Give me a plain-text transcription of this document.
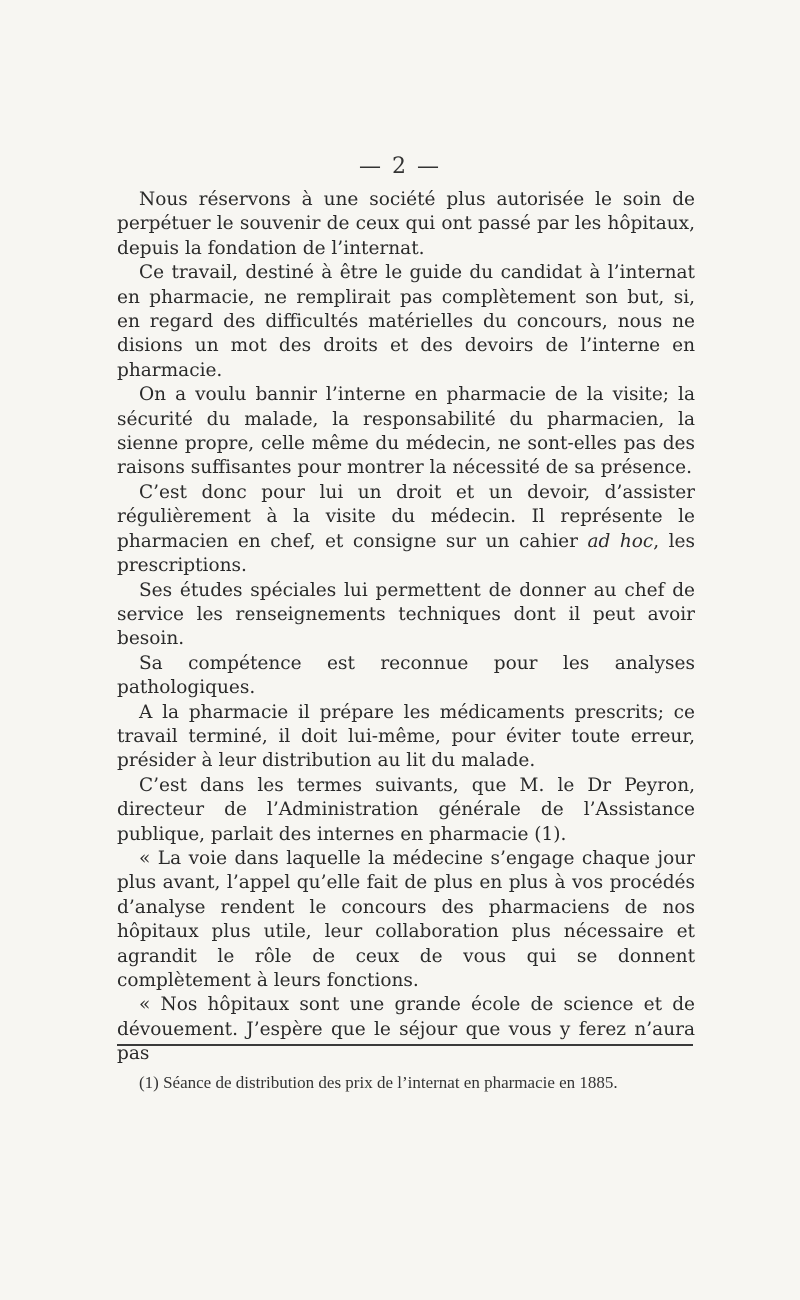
— 2 —

Nous réservons à une société plus autorisée le soin de perpétuer le souvenir de ceux qui ont passé par les hôpitaux, depuis la fondation de l’internat.

Ce travail, destiné à être le guide du candidat à l’internat en pharmacie, ne remplirait pas complètement son but, si, en regard des difficultés matérielles du concours, nous ne disions un mot des droits et des devoirs de l’interne en pharmacie.

On a voulu bannir l’interne en pharmacie de la visite; la sécurité du malade, la responsabilité du pharmacien, la sienne propre, celle même du médecin, ne sont-elles pas des raisons suffisantes pour montrer la nécessité de sa présence.

C’est donc pour lui un droit et un devoir, d’assister régulièrement à la visite du médecin. Il représente le pharmacien en chef, et consigne sur un cahier ad hoc, les prescriptions.

Ses études spéciales lui permettent de donner au chef de service les renseignements techniques dont il peut avoir besoin.

Sa compétence est reconnue pour les analyses pathologiques.

A la pharmacie il prépare les médicaments prescrits; ce travail terminé, il doit lui-même, pour éviter toute erreur, présider à leur distribution au lit du malade.

C’est dans les termes suivants, que M. le Dr Peyron, directeur de l’Administration générale de l’Assistance publique, parlait des internes en pharmacie (1).

« La voie dans laquelle la médecine s’engage chaque jour plus avant, l’appel qu’elle fait de plus en plus à vos procédés d’analyse rendent le concours des pharmaciens de nos hôpitaux plus utile, leur collaboration plus nécessaire et agrandit le rôle de ceux de vous qui se donnent complètement à leurs fonctions.

« Nos hôpitaux sont une grande école de science et de dévouement. J’espère que le séjour que vous y ferez n’aura pas

(1) Séance de distribution des prix de l’internat en pharmacie en 1885.
